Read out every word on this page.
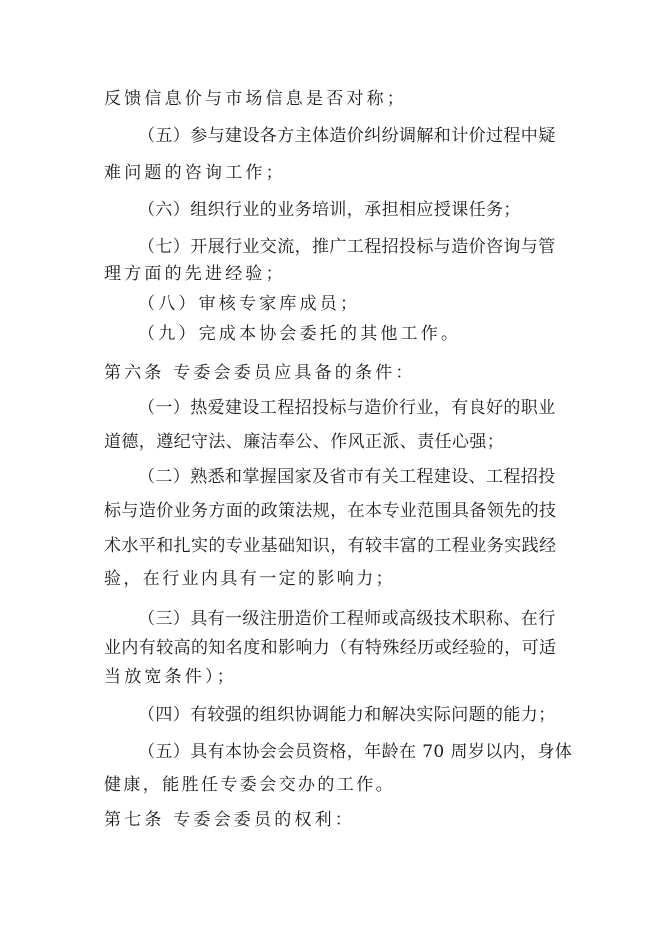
反馈信息价与市场信息是否对称；
（五）参与建设各方主体造价纠纷调解和计价过程中疑
难问题的咨询工作；
（六）组织行业的业务培训，承担相应授课任务；
（七）开展行业交流，推广工程招投标与造价咨询与管
理方面的先进经验；
（八）审核专家库成员；
（九）完成本协会委托的其他工作。
第六条 专委会委员应具备的条件：
（一）热爱建设工程招投标与造价行业，有良好的职业
道德，遵纪守法、廉洁奉公、作风正派、责任心强；
（二）熟悉和掌握国家及省市有关工程建设、工程招投
标与造价业务方面的政策法规，在本专业范围具备领先的技
术水平和扎实的专业基础知识，有较丰富的工程业务实践经
验，在行业内具有一定的影响力；
（三）具有一级注册造价工程师或高级技术职称、在行
业内有较高的知名度和影响力（有特殊经历或经验的，可适
当放宽条件）；
（四）有较强的组织协调能力和解决实际问题的能力；
（五）具有本协会会员资格，年龄在 70 周岁以内，身体
健康，能胜任专委会交办的工作。
第七条 专委会委员的权利：
